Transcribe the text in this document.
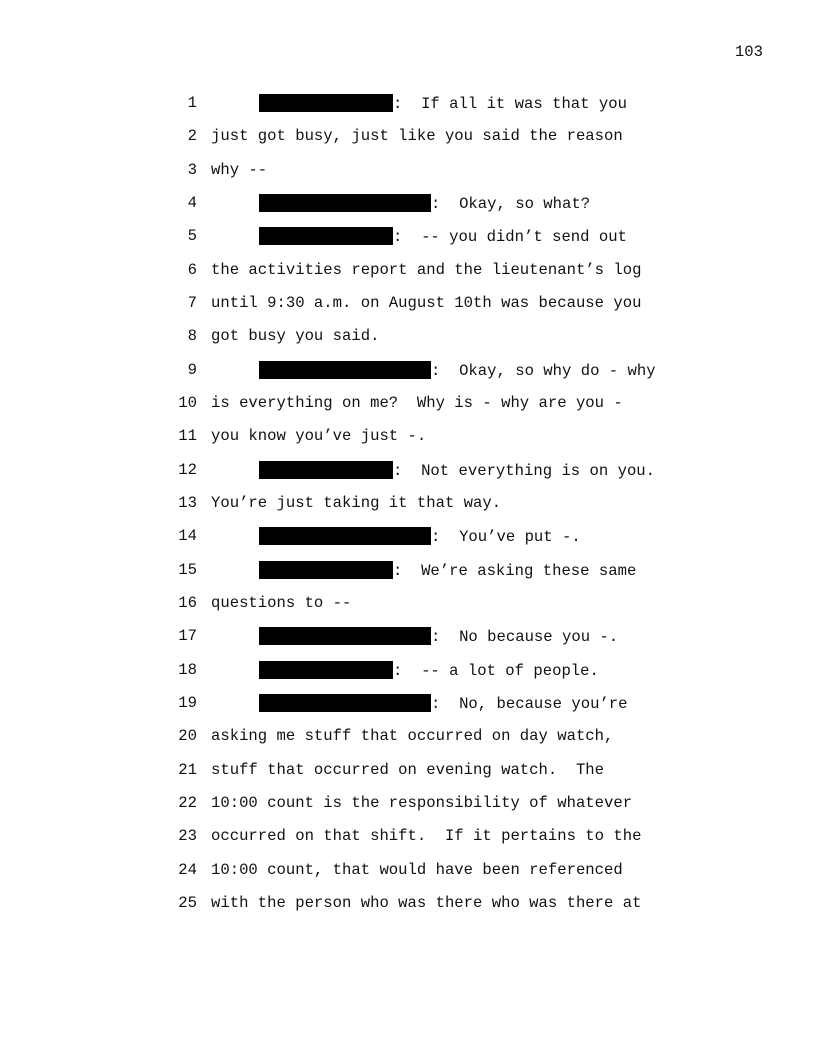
103
1	:  If all it was that you
2 just got busy, just like you said the reason
3 why --
4	:  Okay, so what?
5	:  -- you didn’t send out
6 the activities report and the lieutenant’s log
7 until 9:30 a.m. on August 10th was because you
8 got busy you said.
9	:  Okay, so why do - why
10 is everything on me?  Why is - why are you -
11 you know you’ve just -.
12	:  Not everything is on you.
13 You’re just taking it that way.
14	:  You’ve put -.
15	:  We’re asking these same
16 questions to --
17	:  No because you -.
18	:  -- a lot of people.
19	:  No, because you’re
20 asking me stuff that occurred on day watch,
21 stuff that occurred on evening watch.  The
22 10:00 count is the responsibility of whatever
23 occurred on that shift.  If it pertains to the
24 10:00 count, that would have been referenced
25 with the person who was there who was there at
